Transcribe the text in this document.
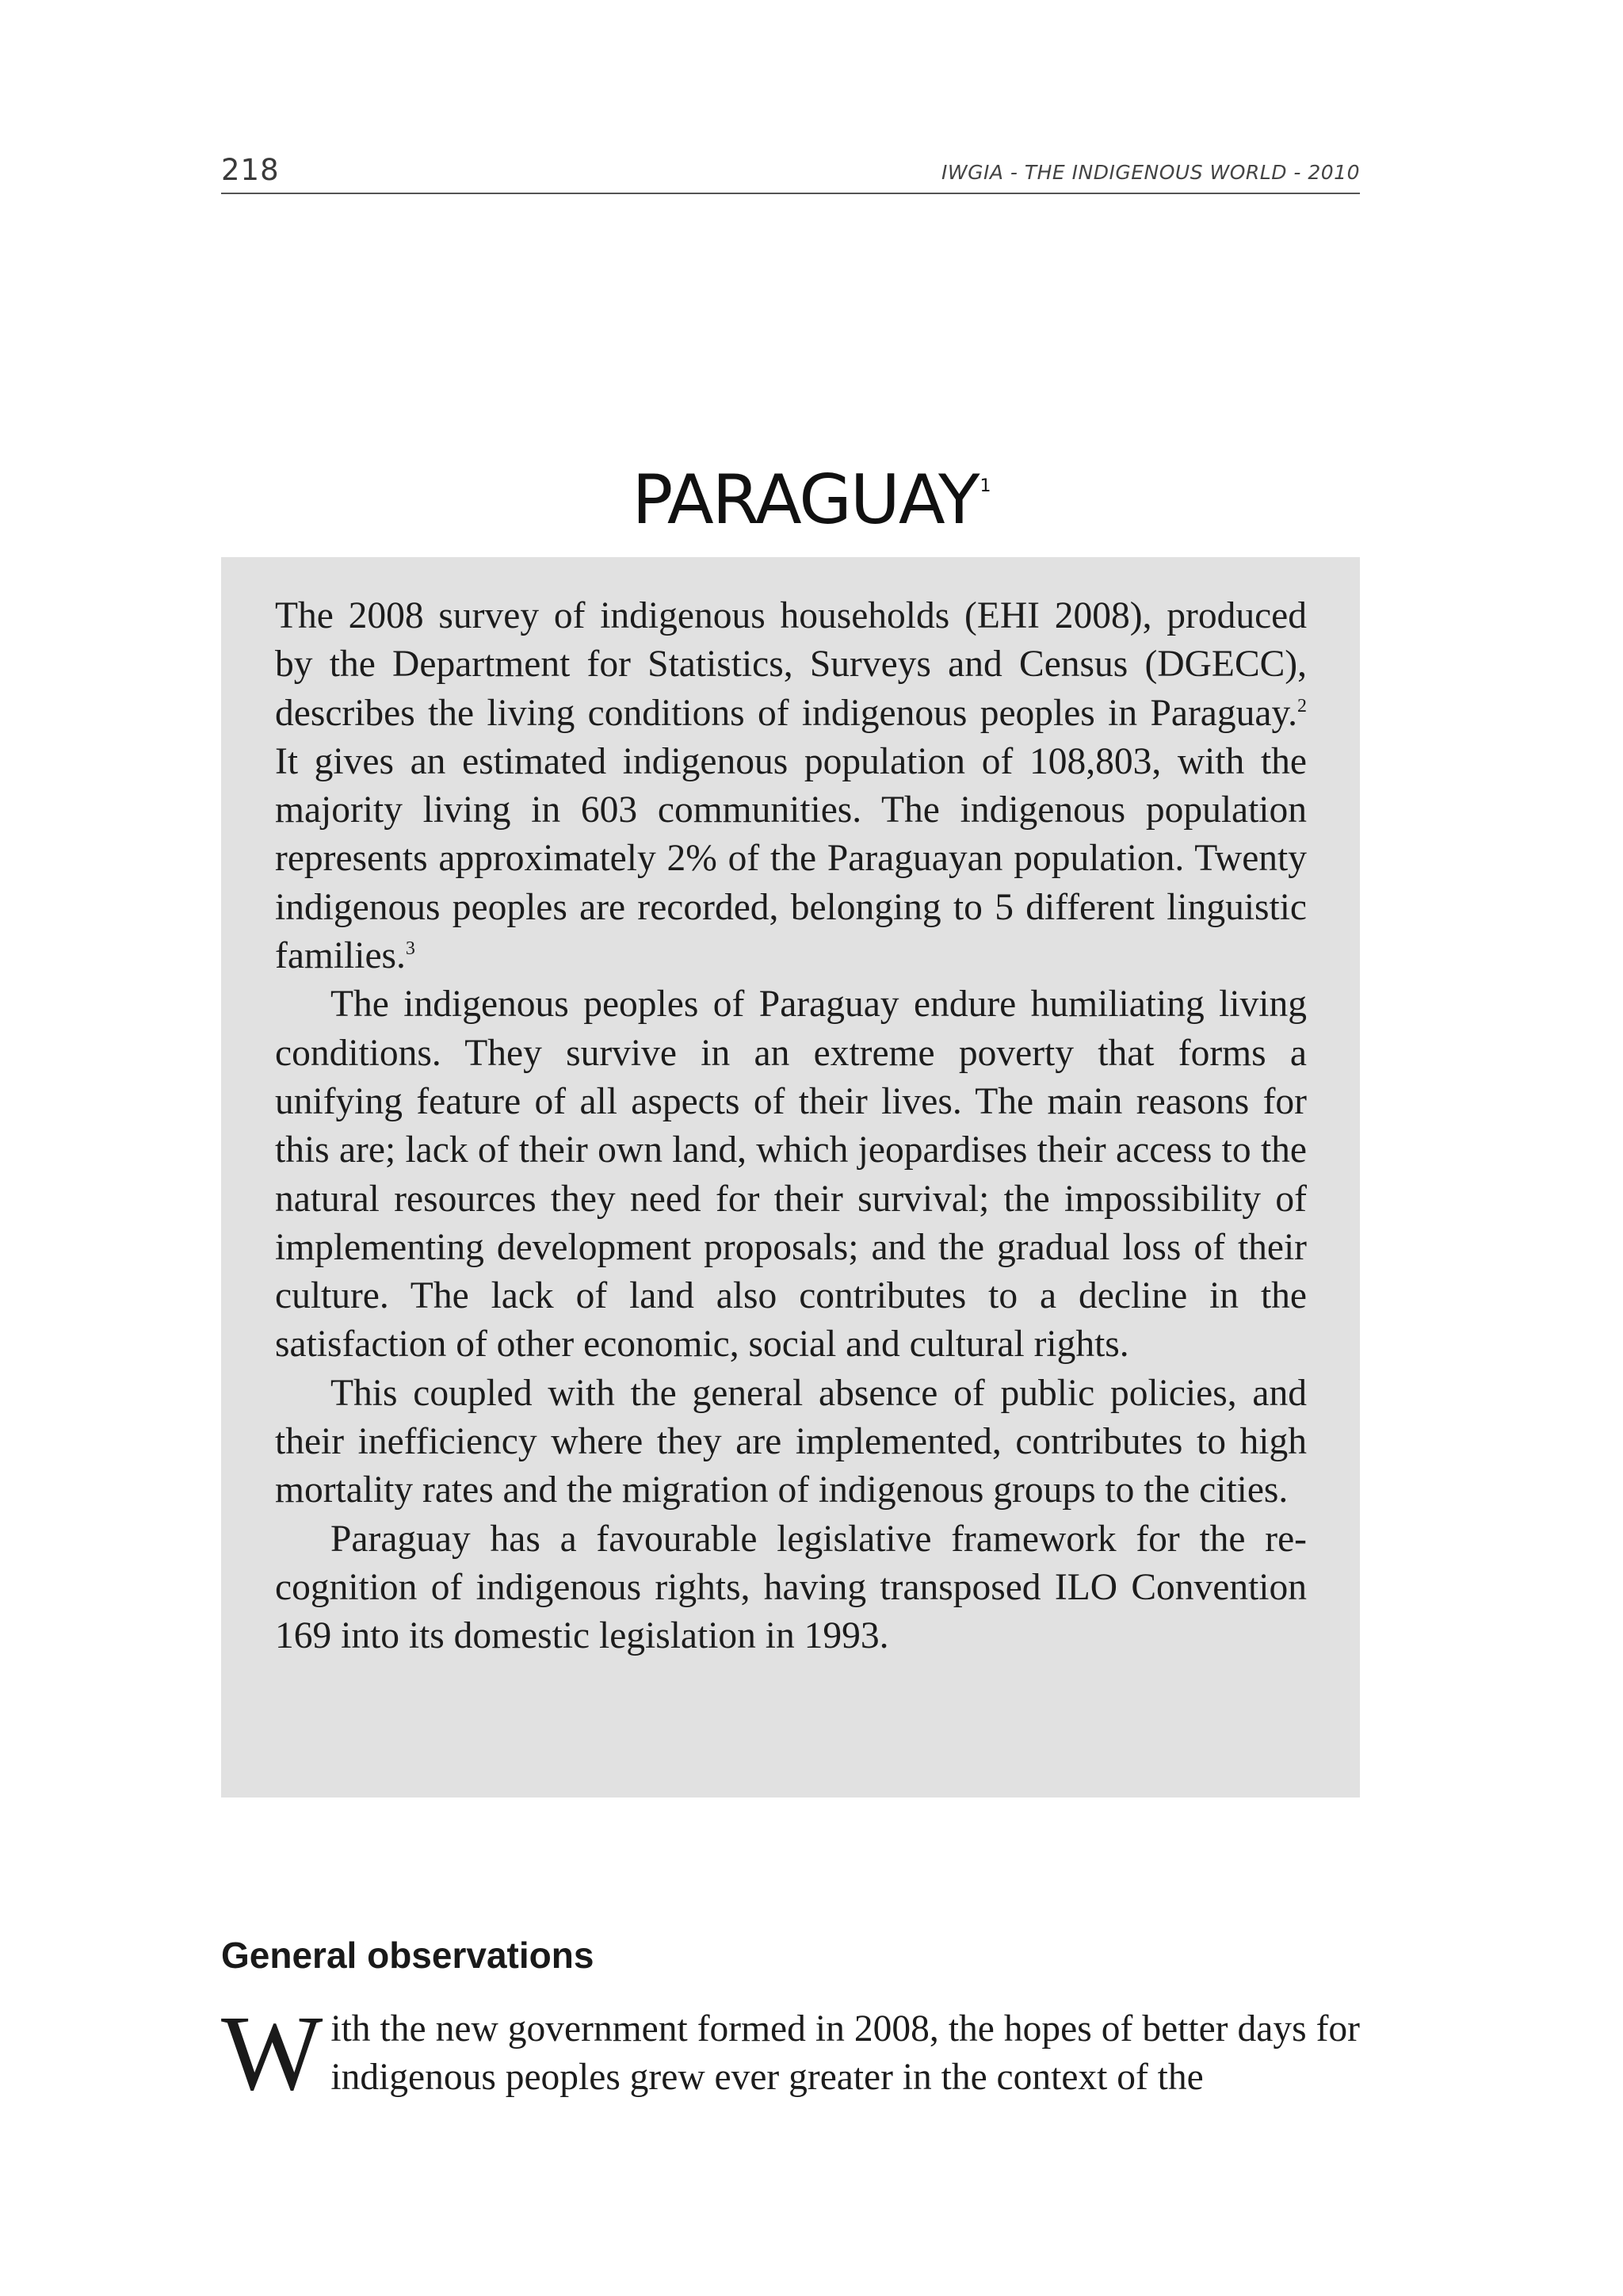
218	IWGIA - THE INDIGENOUS WORLD - 2010
PARAGUAY$^1$

The 2008 survey of indigenous households (EHI 2008), produced by the Department for Statistics, Surveys and Census (DGECC), describes the living conditions of indigenous peoples in Paraguay.$^2$ It gives an estimated indigenous population of 108,803, with the majority living in 603 communities. The indigenous population represents approximately 2% of the Paraguayan population. Twenty indigenous peoples are recorded, belonging to 5 different linguistic families.$^3$

The indigenous peoples of Paraguay endure humiliating living conditions. They survive in an extreme poverty that forms a unifying feature of all aspects of their lives. The main reasons for this are; lack of their own land, which jeopardises their access to the natural resources they need for their survival; the impossibility of implementing development proposals; and the gradual loss of their culture. The lack of land also contributes to a decline in the satisfaction of other economic, social and cultural rights.

This coupled with the general absence of public policies, and their inefficiency where they are implemented, contributes to high mortality rates and the migration of indigenous groups to the cities.

Paraguay has a favourable legislative framework for the recognition of indigenous rights, having transposed ILO Convention 169 into its domestic legislation in 1993.

General observations

With the new government formed in 2008, the hopes of better days for indigenous peoples grew ever greater in the context of the
